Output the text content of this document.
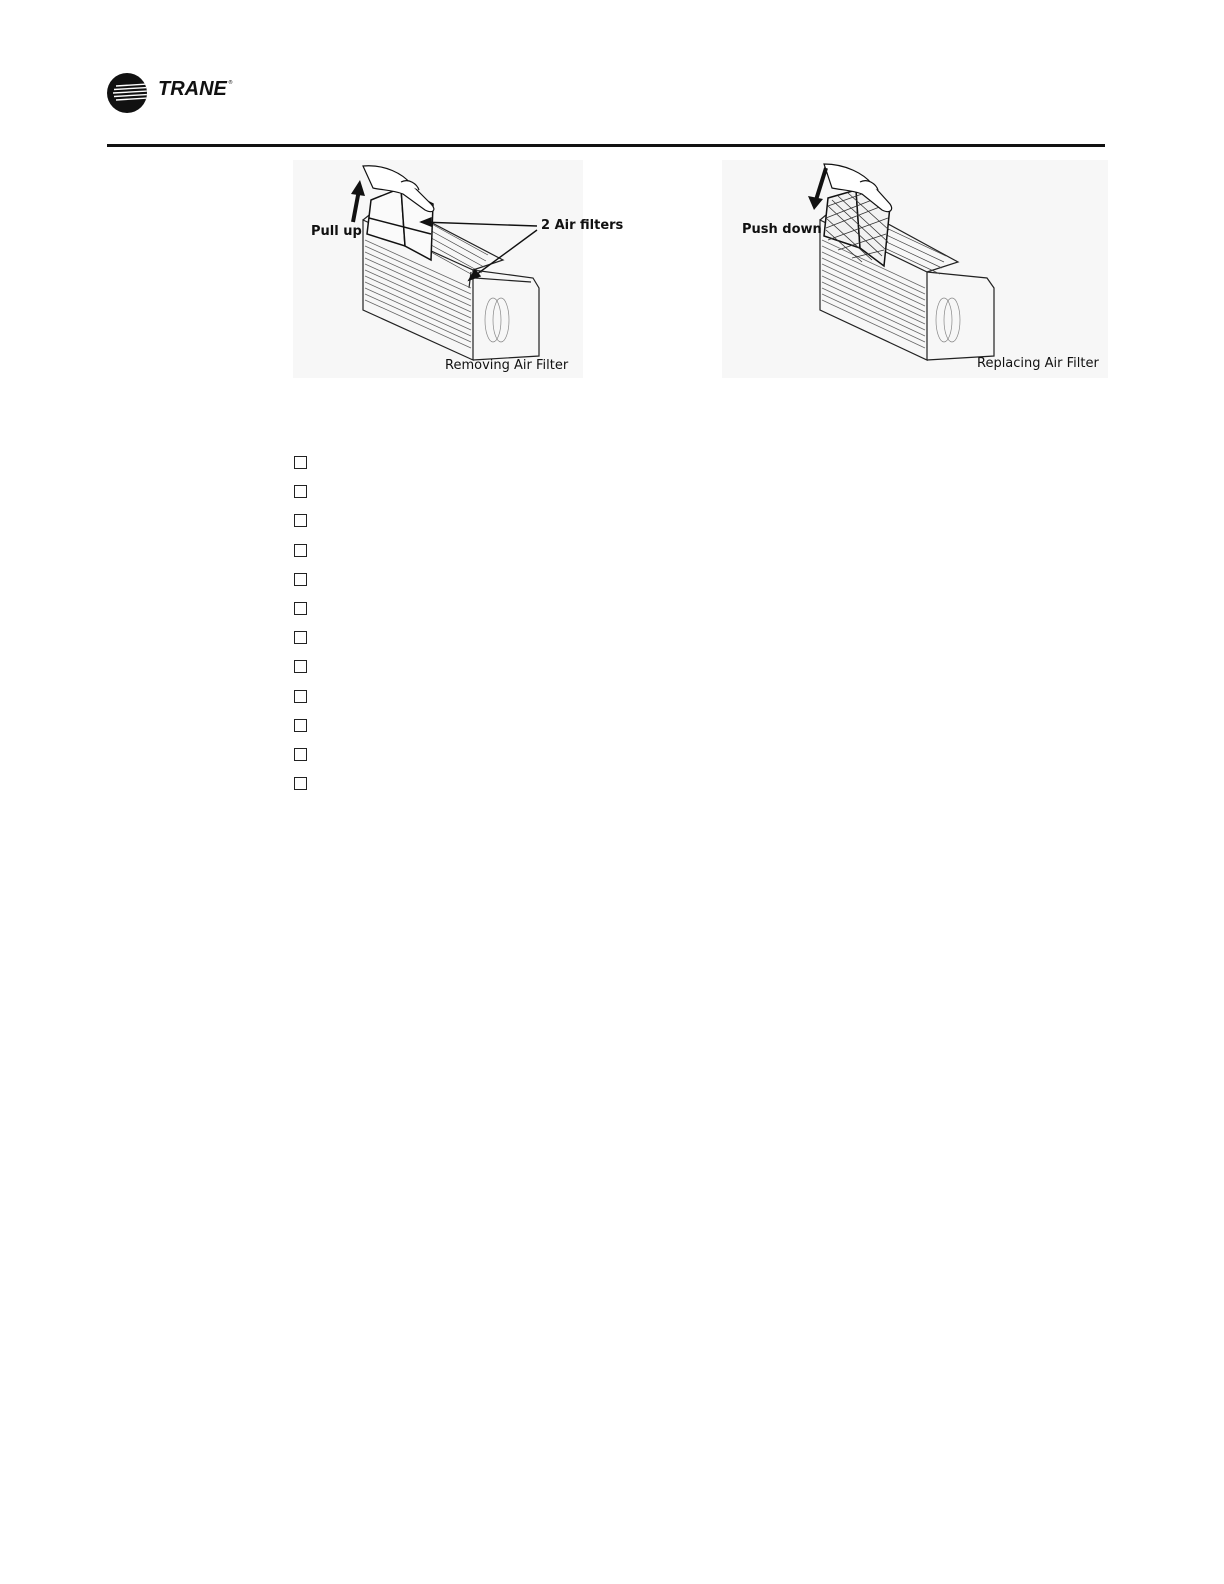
TRANE ®
Pull up	2 Air filters
Removing Air Filter
Push down
Replacing Air Filter
